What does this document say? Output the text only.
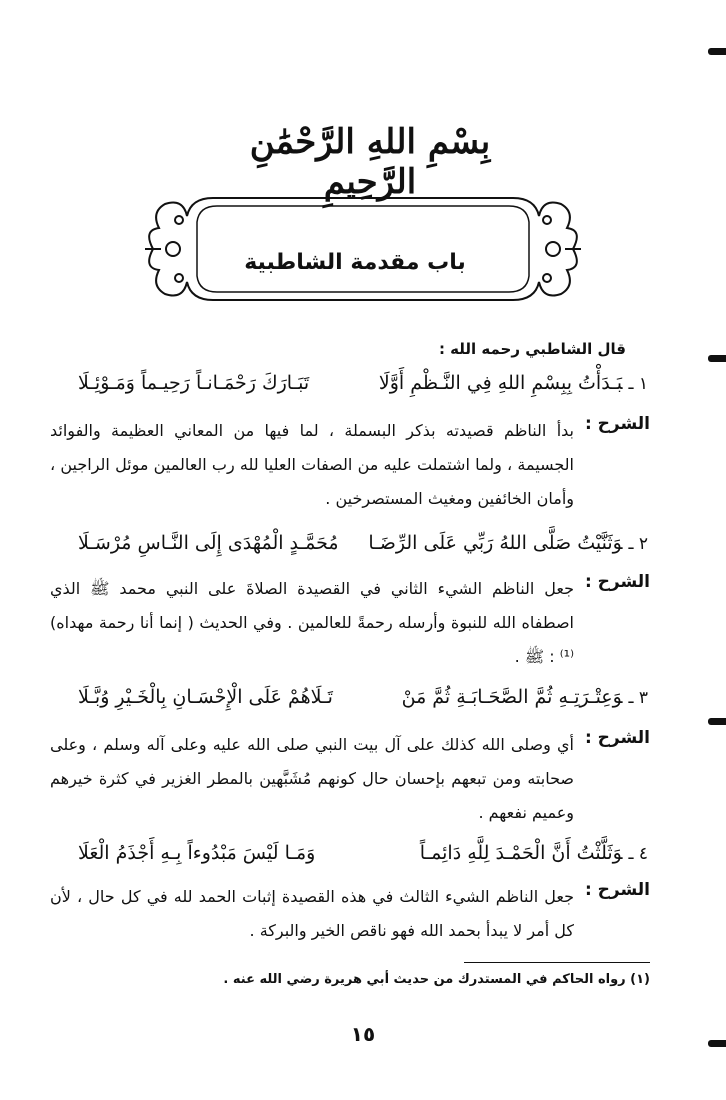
بِسْمِ اللهِ الرَّحْمَٰنِ الرَّحِيمِ
باب مقدمة الشاطبية
قال الشاطبي رحمه الله :
١ ـبَـدَأْتُ بِبِسْمِ اللهِ فِي النَّـظْمِ أَوَّلَا
تَبَـارَكَ رَحْمَـانـاً رَحِيـماً وَمَـوْئِـلَا
الشرح :
بدأ الناظم قصيدته بذكر البسملة ، لما فيها من المعاني العظيمة والفوائد الجسيمة ، ولما اشتملت عليه من الصفات العليا لله رب العالمين موئل الراجين ، وأمان الخائفين ومغيث المستصرخين .
٢ ـوَثَنَّيْتُ صَلَّى اللهُ رَبِّي عَلَى الرِّضَـا
مُحَمَّـدٍ الْمُهْدَى إِلَى النَّـاسِ مُرْسَـلَا
الشرح :
جعل الناظم الشيء الثاني في القصيدة الصلاةَ على النبي محمد ﷺ الذي اصطفاه الله للنبوة وأرسله رحمةً للعالمين . وفي الحديث ( إنما أنا رحمة مهداه)⁽¹⁾ : ﷺ .
٣ ـوَعِتْـرَتِـهِ ثُمَّ الصَّحَـابَـةِ ثُمَّ مَنْ
تَـلَاهُمْ عَلَى الْإِحْسَـانِ بِالْخَـيْرِ وُبَّـلَا
الشرح :
أي وصلى الله كذلك على آل بيت النبي صلى الله عليه وعلى آله وسلم ، وعلى صحابته ومن تبعهم بإحسان حال كونهم مُشَبَّهين بالمطر الغزير في كثرة خيرهم وعميم نفعهم .
٤ ـوَثَلَّثْتُ أَنَّ الْحَمْـدَ لِلَّهِ دَائِمـاً
وَمَـا لَيْسَ مَبْدُوءاً بِـهِ أَجْذَمُ الْعَلَا
الشرح :
جعل الناظم الشيء الثالث في هذه القصيدة إثبات الحمد لله في كل حال ، لأن كل أمر لا يبدأ بحمد الله فهو ناقص الخير والبركة .
(١) رواه الحاكم في المستدرك من حديث أبي هريرة رضي الله عنه .
١٥
